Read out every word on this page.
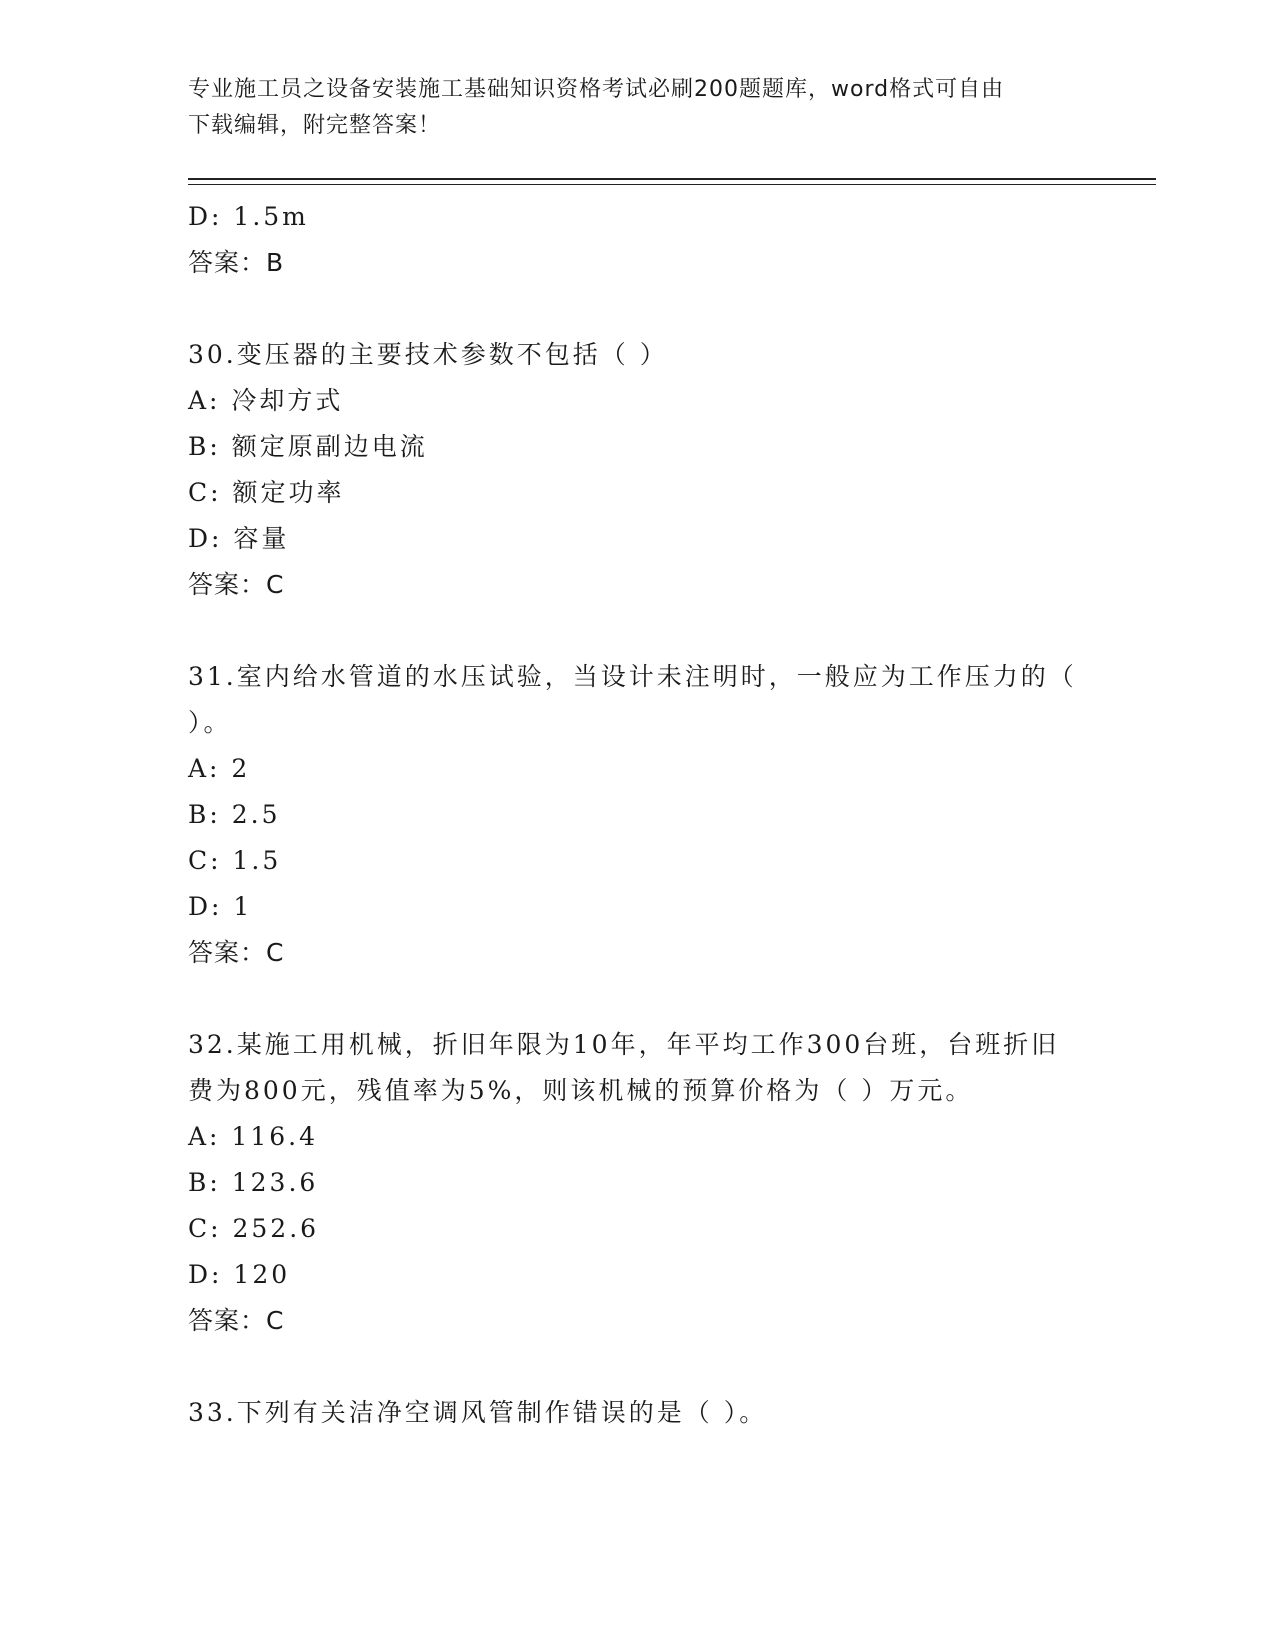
专业施工员之设备安装施工基础知识资格考试必刷200题题库，word格式可自由
下载编辑，附完整答案！
D: 1.5m
答案：B
30.变压器的主要技术参数不包括（ ）
A: 冷却方式
B: 额定原副边电流
C: 额定功率
D: 容量
答案：C
31.室内给水管道的水压试验，当设计未注明时，一般应为工作压力的（ ）。
A: 2
B: 2.5
C: 1.5
D: 1
答案：C
32.某施工用机械，折旧年限为10年，年平均工作300台班，台班折旧费为800元，残值率为5%，则该机械的预算价格为（ ）万元。
A: 116.4
B: 123.6
C: 252.6
D: 120
答案：C
33.下列有关洁净空调风管制作错误的是（ ）。
